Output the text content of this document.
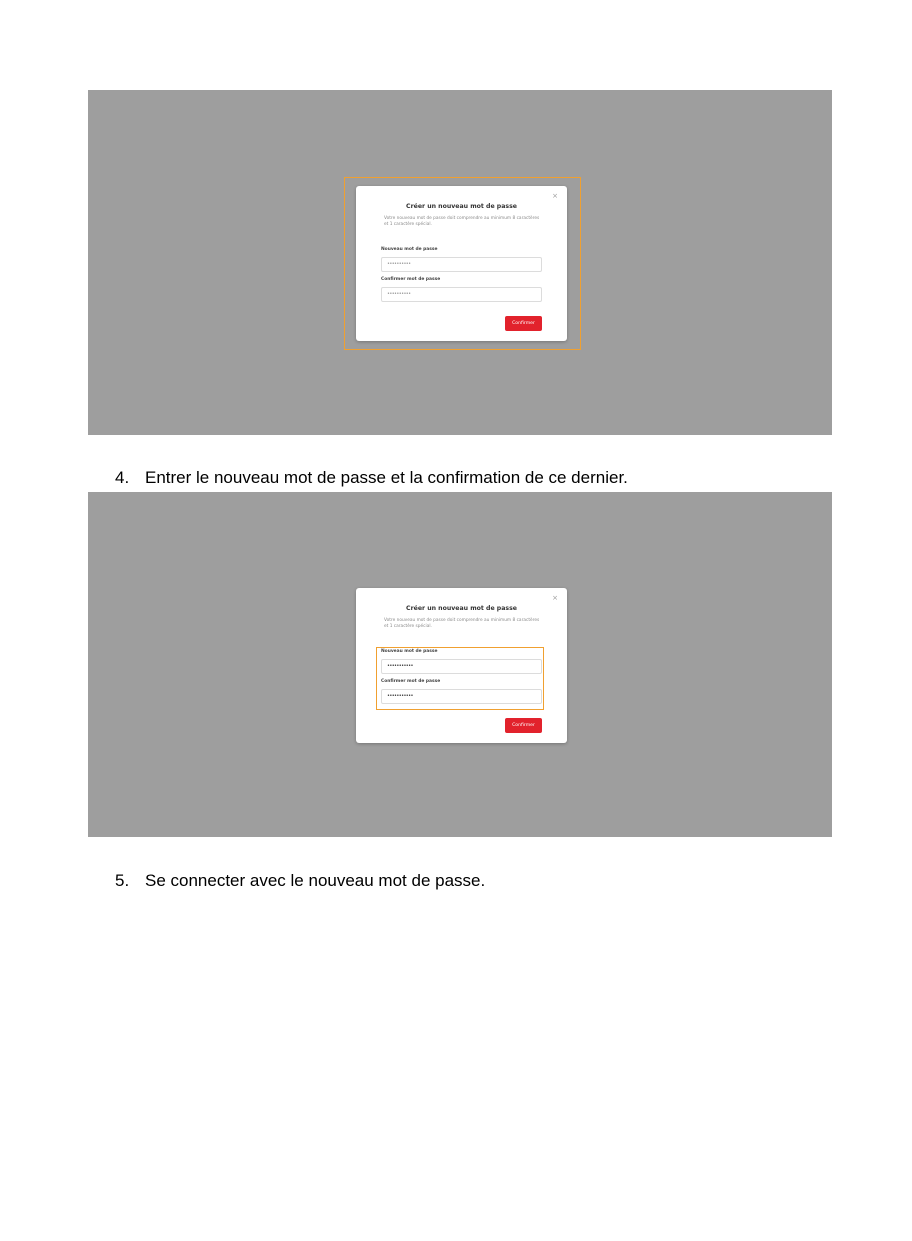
×
Créer un nouveau mot de passe
Votre nouveau mot de passe doit comprendre au minimum 8 caractères et 1 caractère spécial.
Nouveau mot de passe
••••••••••
Confirmer mot de passe
••••••••••
Confirmer
4. Entrer le nouveau mot de passe et la confirmation de ce dernier.
×
Créer un nouveau mot de passe
Votre nouveau mot de passe doit comprendre au minimum 8 caractères et 1 caractère spécial.
Nouveau mot de passe
•••••••••••
Confirmer mot de passe
•••••••••••
Confirmer
5. Se connecter avec le nouveau mot de passe.
